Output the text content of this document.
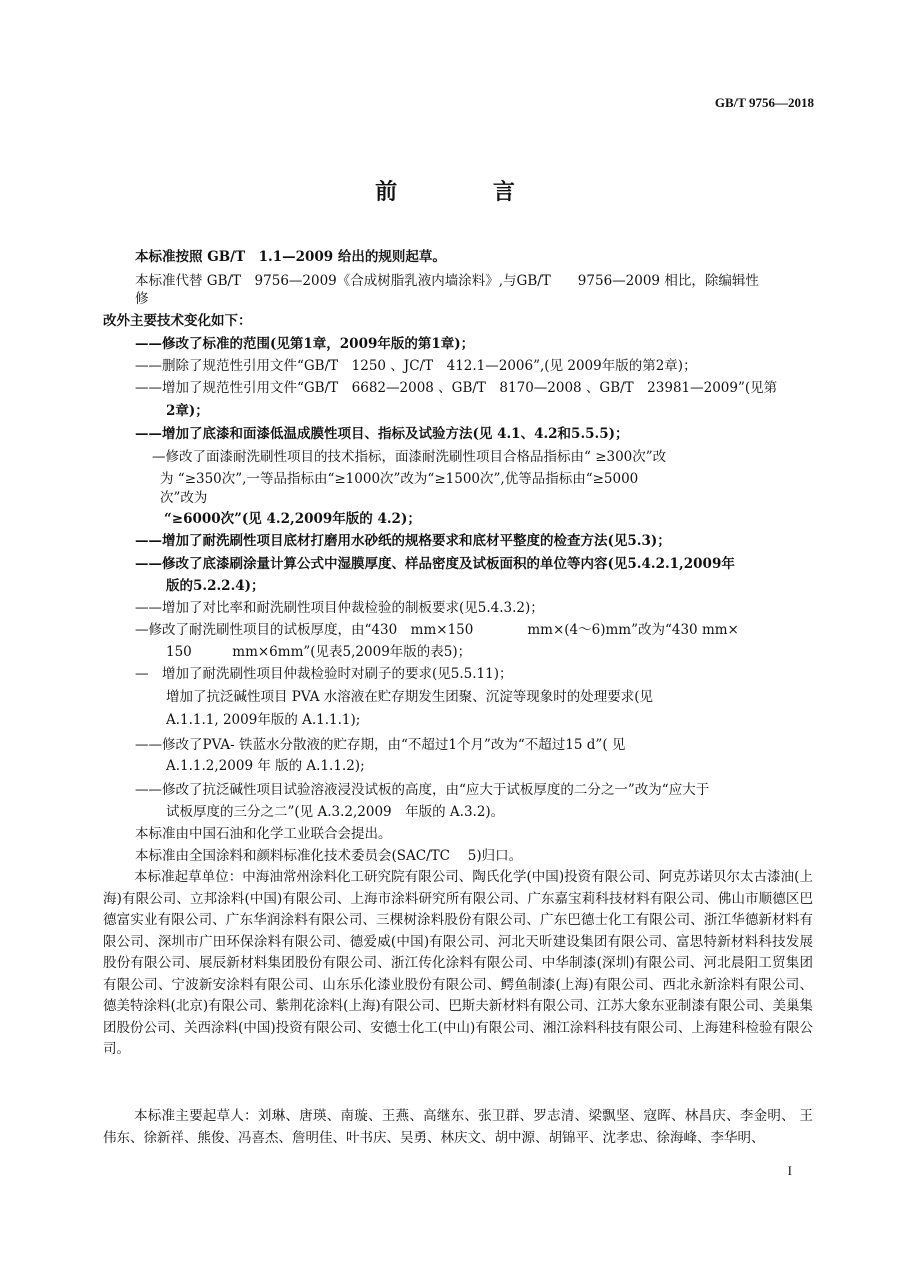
GB/T 9756—2018
前 言
本标准按照 GB/T　1.1—2009 给出的规则起草。
本标准代替 GB/T　9756—2009《合成树脂乳液内墙涂料》,与GB/T　　9756—2009 相比，除编辑性
修
改外主要技术变化如下：
——修改了标准的范围(见第1章，2009年版的第1章)；
——删除了规范性引用文件“GB/T　1250 、JC/T　412.1—2006”,(见 2009年版的第2章)；
——增加了规范性引用文件“GB/T　6682—2008 、GB/T　8170—2008 、GB/T　23981—2009”(见第
2章)；
——增加了底漆和面漆低温成膜性项目、指标及试验方法(见 4.1、4.2和5.5.5)；
—修改了面漆耐洗刷性项目的技术指标，面漆耐洗刷性项目合格品指标由“ ≥300次”改
为 “≥350次”,一等品指标由“≥1000次”改为“≥1500次”,优等品指标由“≥5000
次”改为
“≥6000次”(见 4.2,2009年版的 4.2)；
——增加了耐洗刷性项目底材打磨用水砂纸的规格要求和底材平整度的检查方法(见5.3)；
——修改了底漆刷涂量计算公式中湿膜厚度、样品密度及试板面积的单位等内容(见5.4.2.1,2009年
版的5.2.2.4)；
——增加了对比率和耐洗刷性项目仲裁检验的制板要求(见5.4.3.2)；
—修改了耐洗刷性项目的试板厚度，由“430　mm×150　　　　mm×(4～6)mm”改为“430 mm×
150　　　mm×6mm”(见表5,2009年版的表5)；
—　增加了耐洗刷性项目仲裁检验时对刷子的要求(见5.5.11)；
增加了抗泛碱性项目 PVA 水溶液在贮存期发生团聚、沉淀等现象时的处理要求(见
A.1.1.1, 2009年版的 A.1.1.1);
——修改了PVA- 铁蓝水分散液的贮存期，由“不超过1个月”改为“不超过15 d”( 见
A.1.1.2,2009 年 版的 A.1.1.2);
——修改了抗泛碱性项目试验溶液浸没试板的高度，由“应大于试板厚度的二分之一”改为“应大于
试板厚度的三分之二”(见 A.3.2,2009　年版的 A.3.2)。
本标准由中国石油和化学工业联合会提出。
本标准由全国涂料和颜料标准化技术委员会(SAC/TC　 5)归口。
本标准起草单位：中海油常州涂料化工研究院有限公司、陶氏化学(中国)投资有限公司、阿克苏诺贝尔太古漆油(上海)有限公司、立邦涂料(中国)有限公司、上海市涂料研究所有限公司、广东嘉宝莉科技材料有限公司、佛山市顺德区巴德富实业有限公司、广东华润涂料有限公司、三棵树涂料股份有限公司、广东巴德士化工有限公司、浙江华德新材料有限公司、深圳市广田环保涂料有限公司、德爱威(中国)有限公司、河北天昕建设集团有限公司、富思特新材料科技发展股份有限公司、展辰新材料集团股份有限公司、浙江传化涂料有限公司、中华制漆(深圳)有限公司、河北晨阳工贸集团有限公司、宁波新安涂料有限公司、山东乐化漆业股份有限公司、鳄鱼制漆(上海)有限公司、西北永新涂料有限公司、德美特涂料(北京)有限公司、紫荆花涂料(上海)有限公司、巴斯夫新材料有限公司、江苏大象东亚制漆有限公司、美巢集团股份公司、关西涂料(中国)投资有限公司、安德士化工(中山)有限公司、湘江涂料科技有限公司、上海建科检验有限公司。
本标准主要起草人：刘琳、唐瑛、南璇、王燕、高继东、张卫群、罗志清、梁飘坚、寇晖、林昌庆、李金明、 王伟东、徐新祥、熊俊、冯喜杰、詹明佳、叶书庆、吴勇、林庆文、胡中源、胡锦平、沈孝忠、徐海峰、李华明、
I
